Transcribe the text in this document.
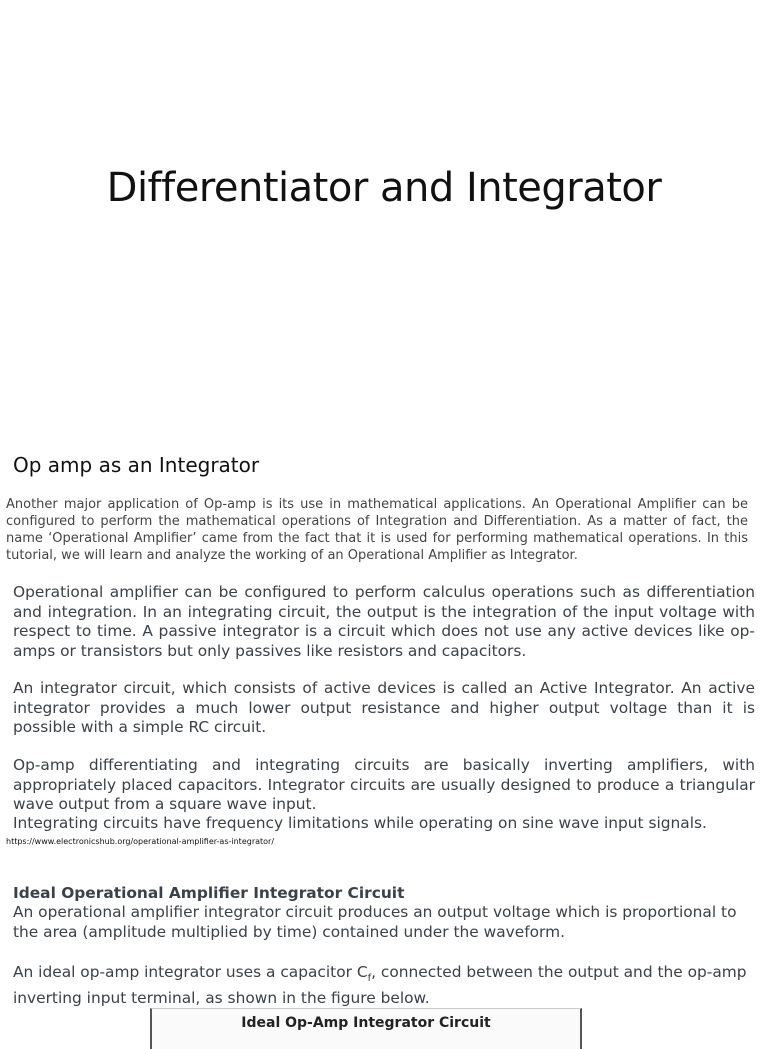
Differentiator and Integrator
Op amp as an Integrator

Another major application of Op-amp is its use in mathematical applications. An Operational Amplifier can be configured to perform the mathematical operations of Integration and Differentiation. As a matter of fact, the name ‘Operational Amplifier’ came from the fact that it is used for performing mathematical operations. In this tutorial, we will learn and analyze the working of an Operational Amplifier as Integrator.

Operational amplifier can be configured to perform calculus operations such as differentiation and integration. In an integrating circuit, the output is the integration of the input voltage with respect to time. A passive integrator is a circuit which does not use any active devices like op-amps or transistors but only passives like resistors and capacitors.

An integrator circuit, which consists of active devices is called an Active Integrator. An active integrator provides a much lower output resistance and higher output voltage than it is possible with a simple RC circuit.

Op-amp differentiating and integrating circuits are basically inverting amplifiers, with appropriately placed capacitors. Integrator circuits are usually designed to produce a triangular wave output from a square wave input.

Integrating circuits have frequency limitations while operating on sine wave input signals.

https://www.electronicshub.org/operational-amplifier-as-integrator/

Ideal Operational Amplifier Integrator Circuit

An operational amplifier integrator circuit produces an output voltage which is proportional to the area (amplitude multiplied by time) contained under the waveform.

An ideal op-amp integrator uses a capacitor $C_f$, connected between the output and the op-amp inverting input terminal, as shown in the figure below.

Ideal Op-Amp Integrator Circuit
